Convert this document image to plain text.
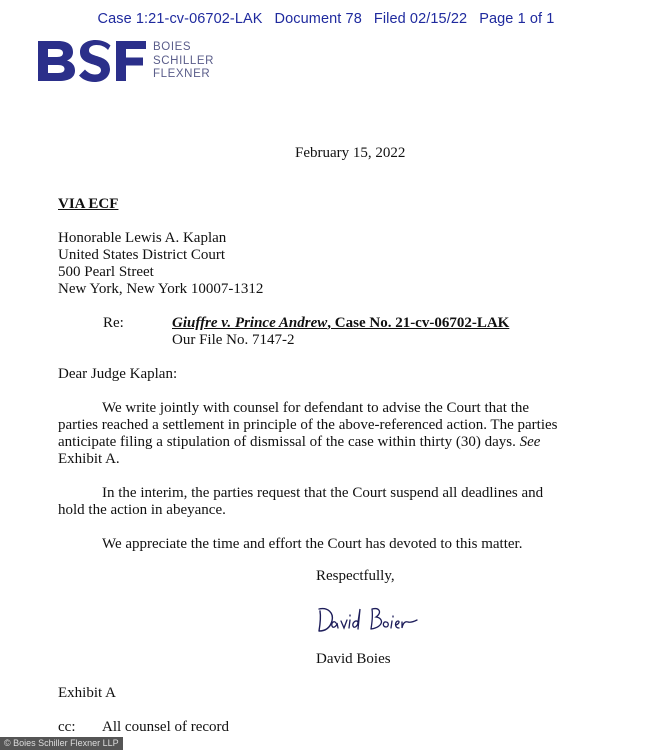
Case 1:21-cv-06702-LAK Document 78 Filed 02/15/22 Page 1 of 1
BOIES
SCHILLER
FLEXNER
February 15, 2022
VIA ECF
Honorable Lewis A. Kaplan
United States District Court
500 Pearl Street
New York, New York 10007-1312
Re:	Giuffre v. Prince Andrew, Case No. 21-cv-06702-LAK
Our File No. 7147-2
Dear Judge Kaplan:
We write jointly with counsel for defendant to advise the Court that the
parties reached a settlement in principle of the above-referenced action. The parties
anticipate filing a stipulation of dismissal of the case within thirty (30) days. See
Exhibit A.
In the interim, the parties request that the Court suspend all deadlines and
hold the action in abeyance.
We appreciate the time and effort the Court has devoted to this matter.
Respectfully,
David Boies
Exhibit A
cc: All counsel of record
© Boies Schiller Flexner LLP
